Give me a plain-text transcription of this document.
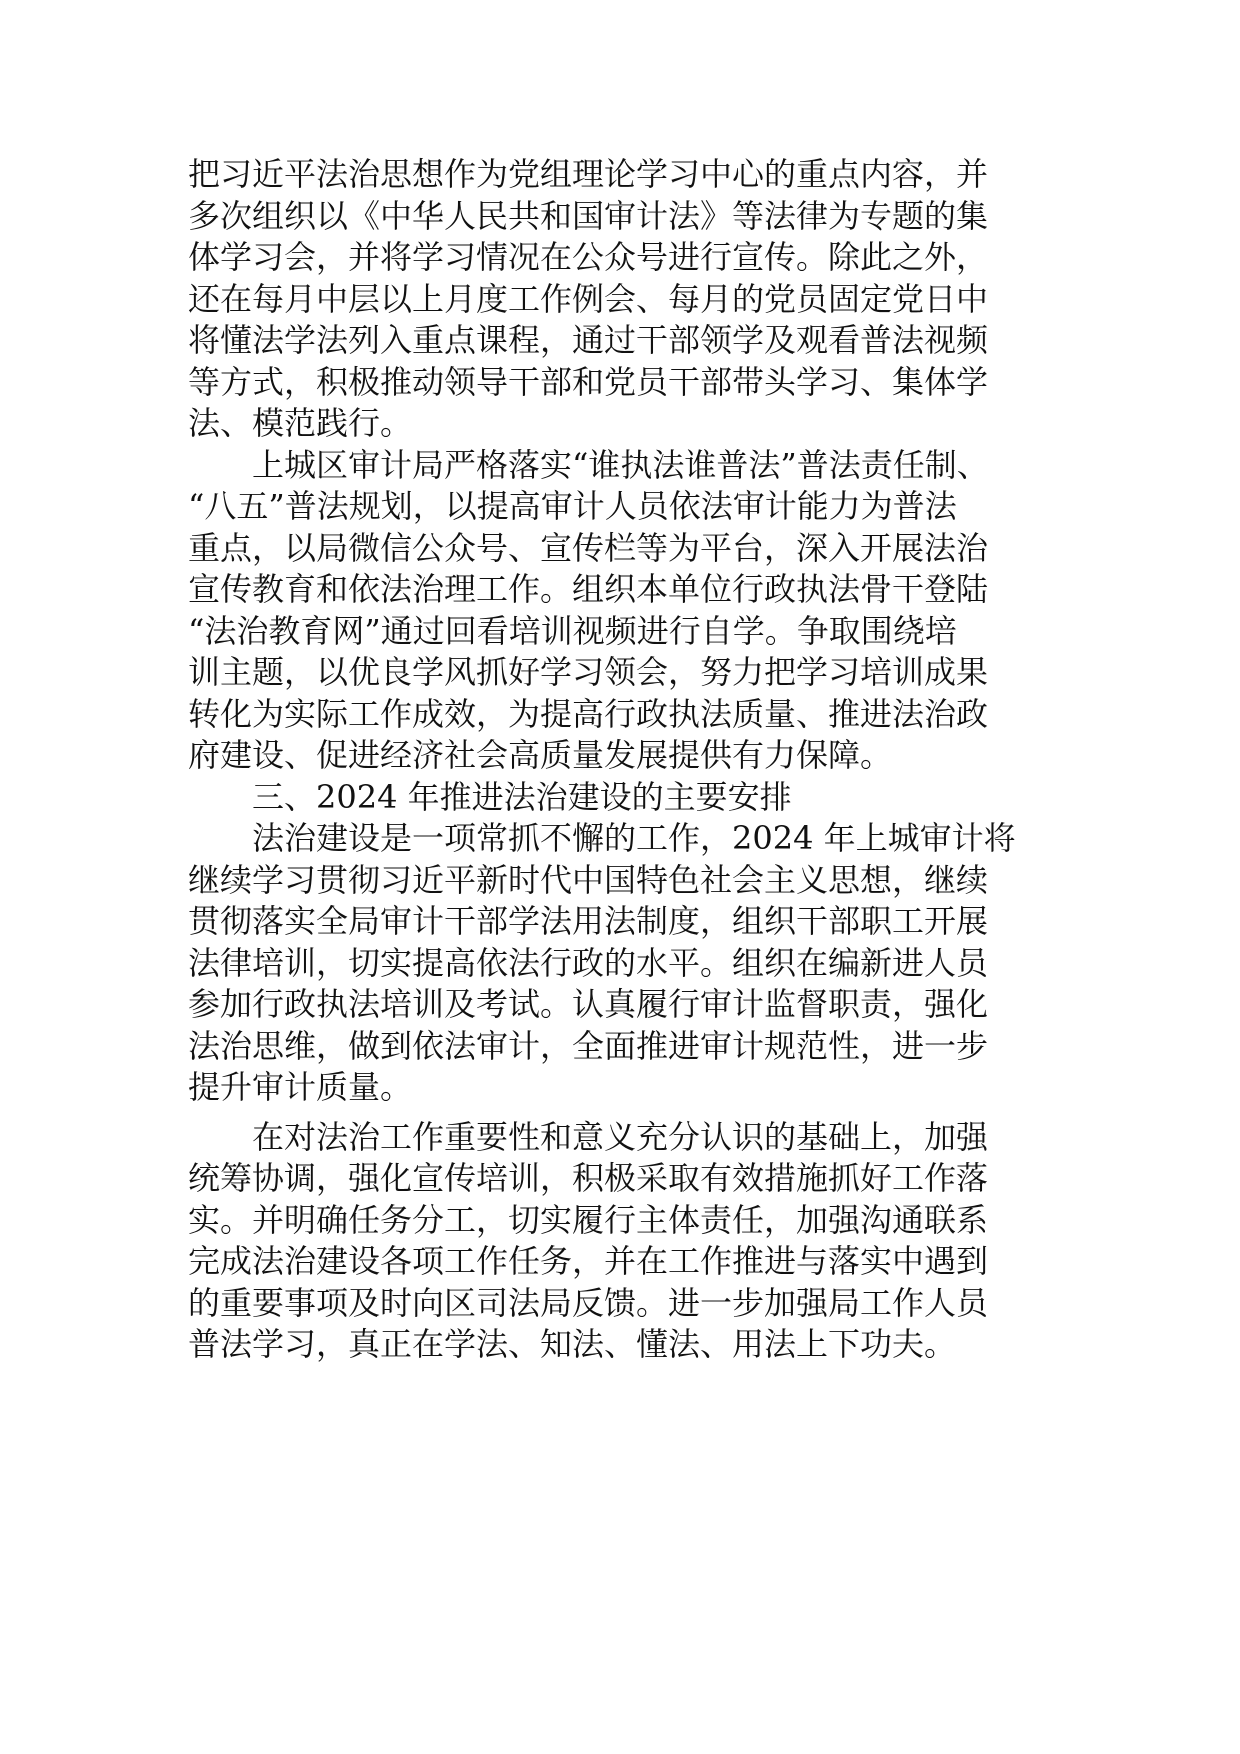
把习近平法治思想作为党组理论学习中心的重点内容，并
多次组织以《中华人民共和国审计法》等法律为专题的集
体学习会，并将学习情况在公众号进行宣传。除此之外，
还在每月中层以上月度工作例会、每月的党员固定党日中
将懂法学法列入重点课程，通过干部领学及观看普法视频
等方式，积极推动领导干部和党员干部带头学习、集体学
法、模范践行。
上城区审计局严格落实“谁执法谁普法”普法责任制、
“八五”普法规划，以提高审计人员依法审计能力为普法
重点，以局微信公众号、宣传栏等为平台，深入开展法治
宣传教育和依法治理工作。组织本单位行政执法骨干登陆
“法治教育网”通过回看培训视频进行自学。争取围绕培
训主题，以优良学风抓好学习领会，努力把学习培训成果
转化为实际工作成效，为提高行政执法质量、推进法治政
府建设、促进经济社会高质量发展提供有力保障。
三、2024 年推进法治建设的主要安排
法治建设是一项常抓不懈的工作，2024 年上城审计将
继续学习贯彻习近平新时代中国特色社会主义思想，继续
贯彻落实全局审计干部学法用法制度，组织干部职工开展
法律培训，切实提高依法行政的水平。组织在编新进人员
参加行政执法培训及考试。认真履行审计监督职责，强化
法治思维，做到依法审计，全面推进审计规范性，进一步
提升审计质量。
在对法治工作重要性和意义充分认识的基础上，加强
统筹协调，强化宣传培训，积极采取有效措施抓好工作落
实。并明确任务分工，切实履行主体责任，加强沟通联系
完成法治建设各项工作任务，并在工作推进与落实中遇到
的重要事项及时向区司法局反馈。进一步加强局工作人员
普法学习，真正在学法、知法、懂法、用法上下功夫。
